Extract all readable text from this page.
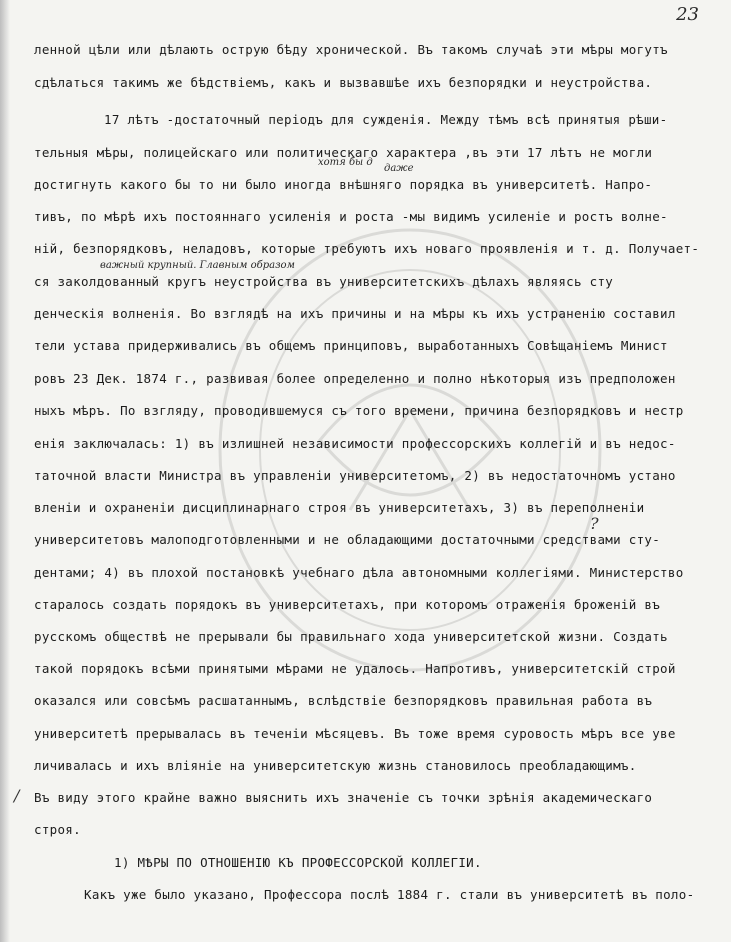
23
ленной цѣли или дѣлають острую бѣду хронической. Въ такомъ случаѣ эти мѣры могутъ
сдѣлаться такимъ же бѣдствіемъ, какъ и вызвавшѣе ихъ безпорядки и неустройства.
17 лѣтъ -достаточный періодъ для сужденія. Между тѣмъ всѣ принятыя рѣши-
тельныя мѣры, полицейскаго или политическаго характера ,въ эти 17 лѣтъ не могли
хотя бы д
даже
достигнуть какого бы то ни было иногда внѣшняго порядка въ университетѣ. Напро-
тивъ, по мѣрѣ ихъ постояннаго усиленія и роста -мы видимъ усиленіе и ростъ волне-
ній, безпорядковъ, неладовъ, которые требуютъ ихъ новаго проявленія и т. д. Получает-
важный крупный. Главным образом
ся заколдованный кругъ неустройства въ университетскихъ дѣлахъ являясь сту
денческія волненія. Во взглядѣ на ихъ причины и на мѣры къ ихъ устраненію составил
тели устава придерживались въ общемъ принциповъ, выработанныхъ Совѣщаніемъ Минист
ровъ 23 Дек. 1874 г., развивая более определенно и полно нѣкоторыя изъ предположен
ныхъ мѣръ. По взгляду, проводившемуся съ того времени, причина безпорядковъ и нестр
енія заключалась: 1) въ излишней независимости профессорскихъ коллегій и въ недос-
таточной власти Министра въ управленіи университетомъ, 2) въ недостаточномъ устано
вленіи и охраненіи дисциплинарнаго строя въ университетахъ, 3) въ переполненіи
?
университетовъ малоподготовленными и не обладающими достаточными средствами сту-
дентами; 4) въ плохой постановкѣ учебнаго дѣла автономными коллегіями. Министерство
старалось создать порядокъ въ университетахъ, при которомъ отраженія броженій въ
русскомъ обществѣ не прерывали бы правильнаго хода университетской жизни. Создать
такой порядокъ всѣми принятыми мѣрами не удалось. Напротивъ, университетскій строй
оказался или совсѣмъ расшатаннымъ, вслѣдствіе безпорядковъ правильная работа въ
университетѣ прерывалась въ теченіи мѣсяцевъ. Въ тоже время суровость мѣръ все уве
личивалась и ихъ вліяніе на университетскую жизнь становилось преобладающимъ.
/ Въ виду этого крайне важно выяснить ихъ значеніе съ точки зрѣнія академическаго
строя.
1) МѢРЫ ПО ОТНОШЕНІЮ КЪ ПРОФЕССОРСКОЙ КОЛЛЕГІИ.
Какъ уже было указано, Профессора послѣ 1884 г. стали въ университетѣ въ поло-
